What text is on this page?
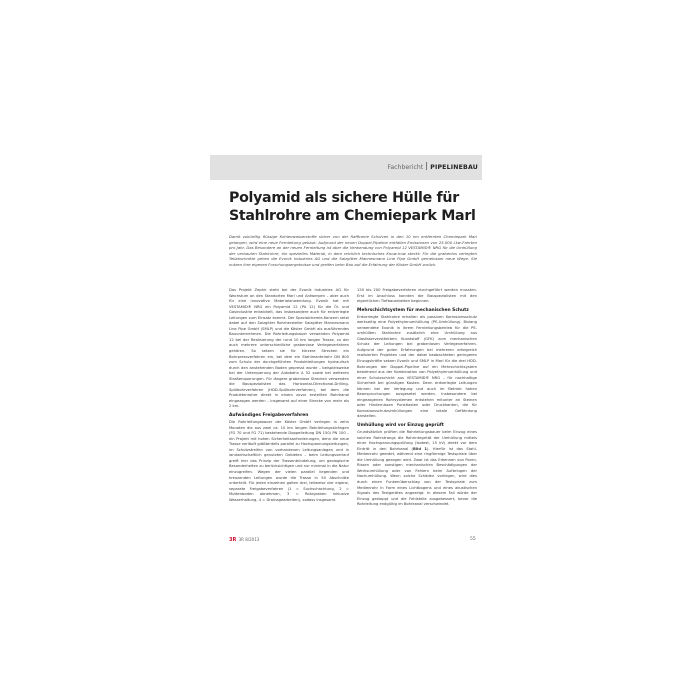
Fachbericht PIPELINEBAU
Polyamid als sichere Hülle für
Stahlrohre am Chemiepark Marl

Damit zukünftig flüssige Kohlenwasserstoffe sicher von der Raffinerie Scholven in den 10 km entfernten Chemiepark Marl gelangen, wird eine neue Fernleitung gebaut. Aufgrund der neuen Doppel-Pipeline entfallen Emissionen von 25.000 Lkw-Fahrten pro Jahr. Das Besondere an der neuen Fernleitung ist aber die Verwendung von Polyamid 12 VESTAMID® NRG für die Umhüllung der verbauten Stahlrohre, ein spezielles Material, in dem reichlich technisches Know-how steckt: Für die grabenlos verlegten Teilabschnitte gehen die Evonik Industries AG und die Salzgitter Mannesmann Line Pipe GmbH gemeinsam neue Wege. Sie nutzen ihre eigenen Forschungsergebnisse und greifen beim Bau auf die Erfahrung der Köster GmbH zurück.

Das Projekt Zephir steht bei der Evonik Industries AG für Wachstum an den Standorten Marl und Antwerpen – aber auch für eine innovative Materialanwendung. Evonik hat mit VESTAMID® NRG ein Polyamid 12 (PA 12) für die Öl- und Gasindustrie entwickelt, das insbesondere auch für erdverlegte Leitungen zum Einsatz kommt. Der Spezialchemie-Konzern setzt dabei auf den Salzgitter Rohrhersteller Salzgitter Mannesmann Line Pipe GmbH (SMLP) und die Köster GmbH als ausführendes Bauunternehmen. Die Rohrleitungsbauer verwenden Polyamid 12 bei der Realisierung der rund 10 km langen Trasse, zu der auch mehrere unterschiedliche grabenlose Verlegeverfahren gehören. So setzen sie für kürzere Strecken ein Bohrpressverfahren ein, bei dem ein Stahlmantelrohr DN 800 zum Schutz der durchgeführten Produktleitungen hydraulisch durch den anstehenden Boden gepresst wurde – beispielsweise bei der Unterquerung der Autobahn A 52 sowie bei weiteren Straßenquerungen. Für längere grabenlose Strecken verwenden die Bauspezialisten das Horizontal-Directional-Drilling-Spülbohrverfahren (HDD-Spülbohrverfahren), bei dem die Produktenrohre direkt in einem zuvor erstellten Bohrkanal eingezogen werden – insgesamt auf einer Strecke von mehr als 2 km.

Aufwändiges Freigabeverfahren

Die Rohrleitungsbauer der Köster GmbH verlegen in zehn Monaten die aus zwei ca. 10 km langen Rohrleitungssträngen (FG 70 und FG 71) bestehende Doppelleitung DN 150/ PN 100 – ein Projekt mit hohen Sicherheitsanforderungen, denn die neue Trasse verläuft größtenteils parallel zu Hochspannungsleitungen, im Schutzstreifen von vorhandenen Leitungsanlagen und in landwirtschaftlich genutzten Gebieten – beim Leitungsverlauf greift hier das Prinzip der Trassenbündelung, um geologische Besonderheiten zu berücksichtigen und nur minimal in die Natur einzugreifen. Wegen der vielen parallel liegenden und kreuzenden Leitungen wurde die Trasse in 50 Abschnitte unterteilt. Für jeden einzelnen galten drei, teilweise vier eigene, separate Freigabeverfahren (1 = Suchschachtung, 2 = Muttenboden abnehmen, 3 = Rohrgraben inklusive Wasserhaltung, 4 = Drainagearbeiten), sodass insgesamt

150 bis 200 Freigabeverfahren durchgeführt werden mussten. Erst im Anschluss konnten die Bauspezialisten mit den eigentlichen Tiefbauarbeiten beginnen.

Mehrschichtsystem für mechanischen Schutz

Erdverlegte Stahlrohre erhalten als passiven Korrosionsschutz werkseitig eine Polyethylenumhüllung (PE-Umhüllung). Bislang verwendete Evonik in ihrem Fernleitungsbetrieb für die PE-umhüllten Stahlrohre zusätzlich eine Umhüllung aus Glasfaserverstärktem Kunststoff (GFK) zum mechanischen Schutz der Leitungen bei grabenlosen Verlegeverfahren. Aufgrund der guten Erfahrungen bei mehreren erfolgreich realisierten Projekten und der dabei beobachteten geringeren Einzugskräfte setzen Evonik und SMLP in Marl für die drei HDD-Bohrungen der Doppel-Pipeline auf ein Mehrschichtsystem bestehend aus der Kombination von Polyethylenumhüllung und einer Schutzschicht aus VESTAMID® NRG – für nachhaltige Sicherheit bei günstigen Kosten. Denn erdverlegte Leitungen können bei der Verlegung und auch im Betrieb hohen Beanspruchungen ausgesetzt werden. Insbesondere bei eingezogenen Rohrsystemen entstehen mitunter an Steinen oder Hindernissen Punktlasten oder Druckkanten, die für Korrosionsschutzumhüllungen eine lokale Gefährdung darstellen.

Umhüllung wird vor Einzug geprüft

Grundsätzlich prüften die Rohrleitungsbauer beim Einzug eines solchen Rohrstrangs die Rohrintegrität der Umhüllung mittels einer Hochspannungsprüfung (Isotest, 15 kV) direkt vor dem Eintritt in den Bohrkanal (Bild 1). Hierfür ist das Stahl-Medienrohr geerdet, während eine ringförmige Testspirale über die Umhüllung gezogen wird. Zwar ist das Erkennen von Poren, Rissen oder sonstigen mechanischen Beschädigungen der Werksumhüllung oder von Fehlern beim Aufbringen der Nachumhüllung. Wenn solche Schäden vorliegen, wird dies durch einen Funkenüberschlag von der Testspirale zum Medienrohr in Form eines Lichtbogens und eines akustischen Signals des Testgerätes angezeigt. In diesem Fall würde der Einzug gestoppt und die Fehlstelle ausgebessert, bevor die Rohrleitung endgültig im Bohrkanal verschwindet.

3R 3R 8/2013	55
